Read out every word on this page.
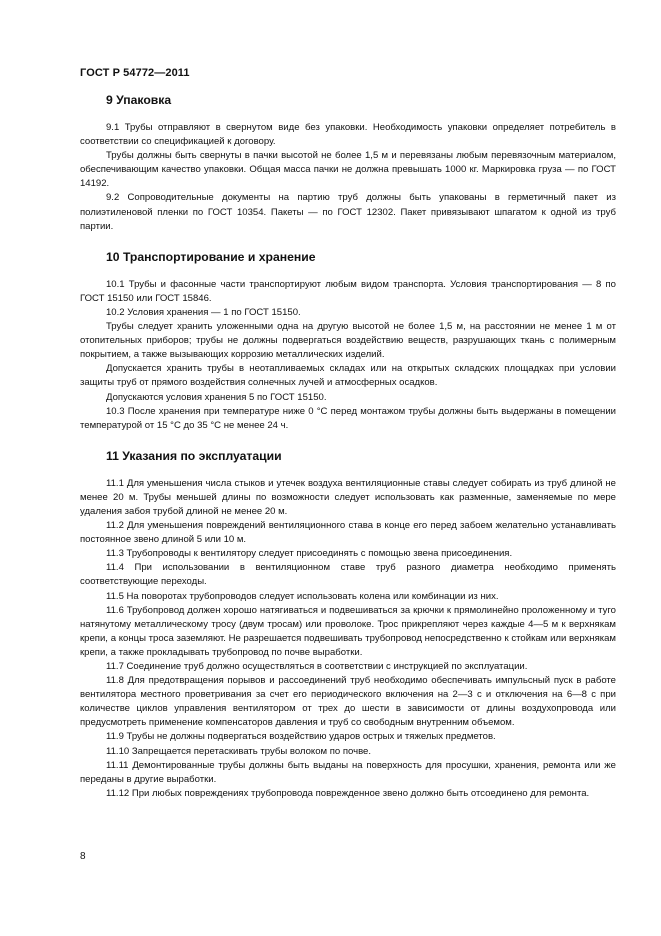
ГОСТ Р 54772—2011
9 Упаковка

9.1 Трубы отправляют в свернутом виде без упаковки. Необходимость упаковки определяет потребитель в соответствии со спецификацией к договору.

Трубы должны быть свернуты в пачки высотой не более 1,5 м и перевязаны любым перевязочным материалом, обеспечивающим качество упаковки. Общая масса пачки не должна превышать 1000 кг. Маркировка груза — по ГОСТ 14192.

9.2 Сопроводительные документы на партию труб должны быть упакованы в герметичный пакет из полиэтиленовой пленки по ГОСТ 10354. Пакеты — по ГОСТ 12302. Пакет привязывают шпагатом к одной из труб партии.

10 Транспортирование и хранение

10.1 Трубы и фасонные части транспортируют любым видом транспорта. Условия транспортирования — 8 по ГОСТ 15150 или ГОСТ 15846.

10.2 Условия хранения — 1 по ГОСТ 15150.

Трубы следует хранить уложенными одна на другую высотой не более 1,5 м, на расстоянии не менее 1 м от отопительных приборов; трубы не должны подвергаться воздействию веществ, разрушающих ткань с полимерным покрытием, а также вызывающих коррозию металлических изделий.

Допускается хранить трубы в неотапливаемых складах или на открытых складских площадках при условии защиты труб от прямого воздействия солнечных лучей и атмосферных осадков.

Допускаются условия хранения 5 по ГОСТ 15150.

10.3 После хранения при температуре ниже 0 °С перед монтажом трубы должны быть выдержаны в помещении температурой от 15 °С до 35 °С не менее 24 ч.

11 Указания по эксплуатации

11.1 Для уменьшения числа стыков и утечек воздуха вентиляционные ставы следует собирать из труб длиной не менее 20 м. Трубы меньшей длины по возможности следует использовать как разменные, заменяемые по мере удаления забоя трубой длиной не менее 20 м.

11.2 Для уменьшения повреждений вентиляционного става в конце его перед забоем желательно устанавливать постоянное звено длиной 5 или 10 м.

11.3 Трубопроводы к вентилятору следует присоединять с помощью звена присоединения.

11.4 При использовании в вентиляционном ставе труб разного диаметра необходимо применять соответствующие переходы.

11.5 На поворотах трубопроводов следует использовать колена или комбинации из них.

11.6 Трубопровод должен хорошо натягиваться и подвешиваться за крючки к прямолинейно проложенному и туго натянутому металлическому тросу (двум тросам) или проволоке. Трос прикрепляют через каждые 4—5 м к верхнякам крепи, а концы троса заземляют. Не разрешается подвешивать трубопровод непосредственно к стойкам или верхнякам крепи, а также прокладывать трубопровод по почве выработки.

11.7 Соединение труб должно осуществляться в соответствии с инструкцией по эксплуатации.

11.8 Для предотвращения порывов и рассоединений труб необходимо обеспечивать импульсный пуск в работе вентилятора местного проветривания за счет его периодического включения на 2—3 с и отключения на 6—8 с при количестве циклов управления вентилятором от трех до шести в зависимости от длины воздухопровода или предусмотреть применение компенсаторов давления и труб со свободным внутренним объемом.

11.9 Трубы не должны подвергаться воздействию ударов острых и тяжелых предметов.

11.10 Запрещается перетаскивать трубы волоком по почве.

11.11 Демонтированные трубы должны быть выданы на поверхность для просушки, хранения, ремонта или же переданы в другие выработки.

11.12 При любых повреждениях трубопровода поврежденное звено должно быть отсоединено для ремонта.

8
